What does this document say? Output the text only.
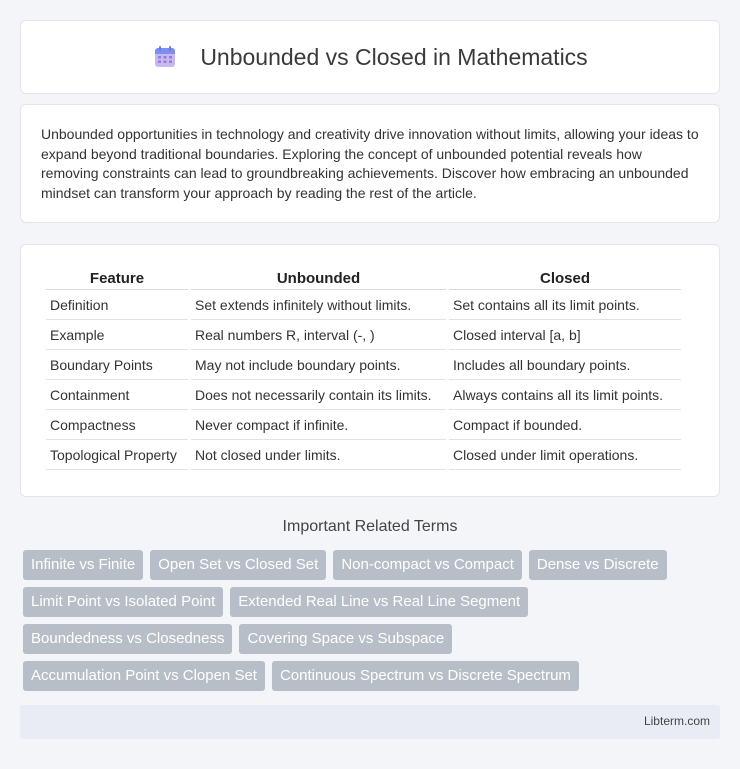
Unbounded vs Closed in Mathematics

Unbounded opportunities in technology and creativity drive innovation without limits, allowing your ideas to expand beyond traditional boundaries. Exploring the concept of unbounded potential reveals how removing constraints can lead to groundbreaking achievements. Discover how embracing an unbounded mindset can transform your approach by reading the rest of the article.

Feature	Unbounded	Closed
Definition	Set extends infinitely without limits.	Set contains all its limit points.
Example	Real numbers R, interval (-, )	Closed interval [a, b]
Boundary Points	May not include boundary points.	Includes all boundary points.
Containment	Does not necessarily contain its limits.	Always contains all its limit points.
Compactness	Never compact if infinite.	Compact if bounded.
Topological Property	Not closed under limits.	Closed under limit operations.
Important Related Terms
Infinite vs Finite	Open Set vs Closed Set	Non-compact vs Compact	Dense vs Discrete
Limit Point vs Isolated Point	Extended Real Line vs Real Line Segment
Boundedness vs Closedness	Covering Space vs Subspace
Accumulation Point vs Clopen Set	Continuous Spectrum vs Discrete Spectrum
Libterm.com
